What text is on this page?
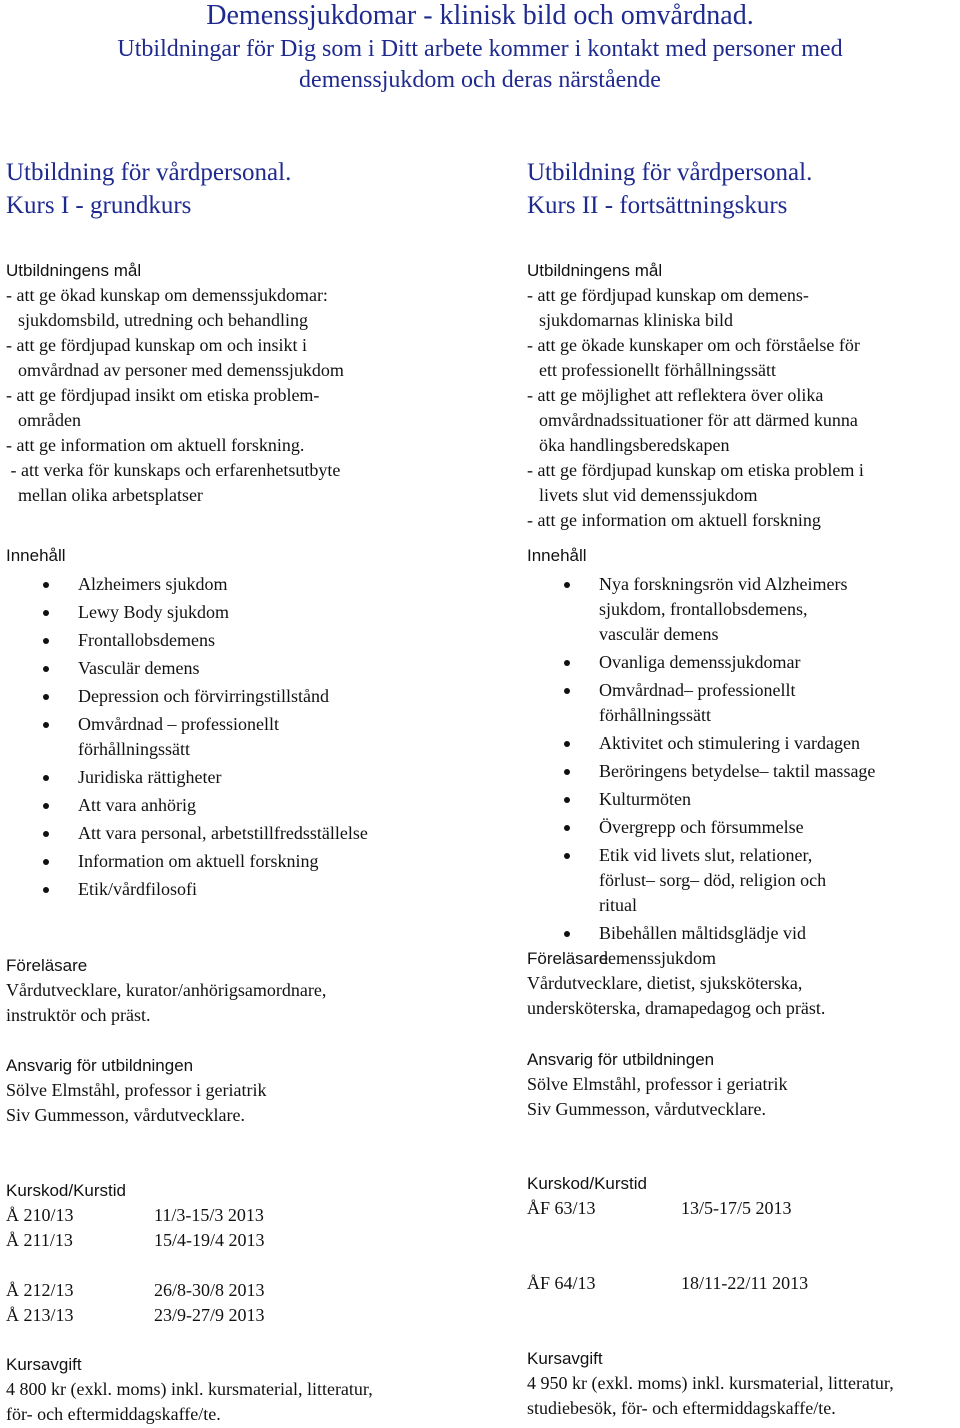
Demenssjukdomar - klinisk bild och omvårdnad.
Utbildningar för Dig som i Ditt arbete kommer i kontakt med personer med
demenssjukdom och deras närstående
Utbildning för vårdpersonal.
Kurs I - grundkurs
Utbildningens mål
- att ge ökad kunskap om demenssjukdomar:
sjukdomsbild, utredning och behandling
- att ge fördjupad kunskap om och insikt i
omvårdnad av personer med demenssjukdom
- att ge fördjupad insikt om etiska problem-
områden
- att ge information om aktuell forskning.
- att verka för kunskaps och erfarenhetsutbyte
mellan olika arbetsplatser
Innehåll
Alzheimers sjukdom
Lewy Body sjukdom
Frontallobsdemens
Vasculär demens
Depression och förvirringstillstånd
Omvårdnad – professionellt förhållningssätt
Juridiska rättigheter
Att vara anhörig
Att vara personal, arbetstillfredsställelse
Information om aktuell forskning
Etik/vårdfilosofi
Föreläsare
Vårdutvecklare, kurator/anhörigsamordnare,
instruktör och präst.
Ansvarig för utbildningen
Sölve Elmståhl, professor i geriatrik
Siv Gummesson, vårdutvecklare.
Kurskod/Kurstid
Å 210/13	11/3-15/3 2013
Å 211/13	15/4-19/4 2013
Å 212/13	26/8-30/8 2013
Å 213/13	23/9-27/9 2013
Kursavgift
4 800 kr (exkl. moms) inkl. kursmaterial, litteratur,
för- och eftermiddagskaffe/te.
Utbildning för vårdpersonal.
Kurs II - fortsättningskurs
Utbildningens mål
- att ge fördjupad kunskap om demens-
sjukdomarnas kliniska bild
- att ge ökade kunskaper om och förståelse för
ett professionellt förhållningssätt
- att ge möjlighet att reflektera över olika
omvårdnadssituationer för att därmed kunna
öka handlingsberedskapen
- att ge fördjupad kunskap om etiska problem i
livets slut vid demenssjukdom
- att ge information om aktuell forskning
Innehåll
Nya forskningsrön vid Alzheimers sjukdom, frontallobsdemens, vasculär demens
Ovanliga demenssjukdomar
Omvårdnad– professionellt förhållningssätt
Aktivitet och stimulering i vardagen
Beröringens betydelse– taktil massage
Kulturmöten
Övergrepp och försummelse
Etik vid livets slut, relationer, förlust– sorg– död, religion och ritual
Bibehållen måltidsglädje vid demenssjukdom
Föreläsare
Vårdutvecklare, dietist, sjuksköterska,
undersköterska, dramapedagog och präst.
Ansvarig för utbildningen
Sölve Elmståhl, professor i geriatrik
Siv Gummesson, vårdutvecklare.
Kurskod/Kurstid
ÅF 63/13	13/5-17/5 2013
ÅF 64/13	18/11-22/11 2013
Kursavgift
4 950 kr (exkl. moms) inkl. kursmaterial, litteratur,
studiebesök, för- och eftermiddagskaffe/te.
